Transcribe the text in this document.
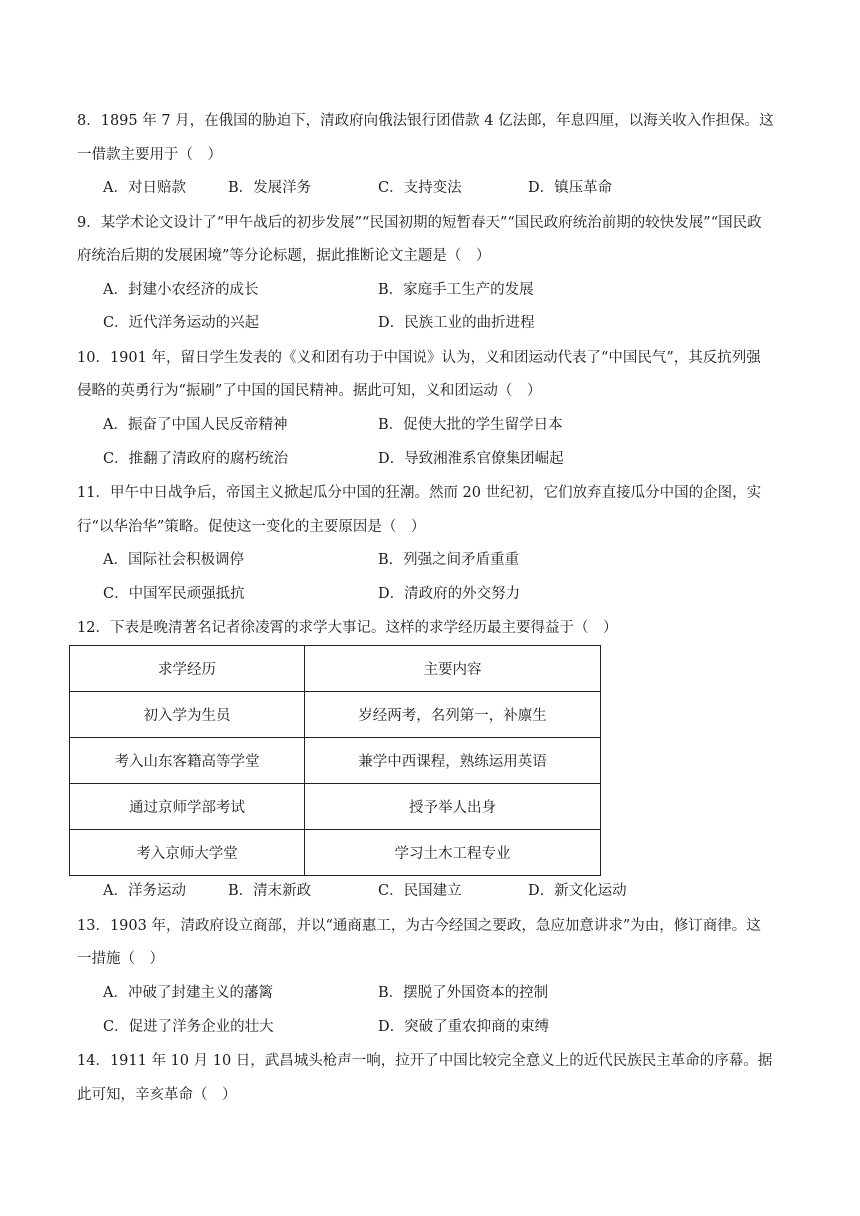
8．1895 年 7 月，在俄国的胁迫下，清政府向俄法银行团借款 4 亿法郎，年息四厘，以海关收入作担保。这
一借款主要用于（　）
A．对日赔款	B．发展洋务	C．支持变法	D．镇压革命
9．某学术论文设计了“甲午战后的初步发展”“民国初期的短暂春天”“国民政府统治前期的较快发展”“国民政
府统治后期的发展困境”等分论标题，据此推断论文主题是（　）
A．封建小农经济的成长	B．家庭手工生产的发展
C．近代洋务运动的兴起	D．民族工业的曲折进程
10．1901 年，留日学生发表的《义和团有功于中国说》认为，义和团运动代表了“中国民气”，其反抗列强
侵略的英勇行为“振刷”了中国的国民精神。据此可知，义和团运动（　）
A．振奋了中国人民反帝精神	B．促使大批的学生留学日本
C．推翻了清政府的腐朽统治	D．导致湘淮系官僚集团崛起
11．甲午中日战争后，帝国主义掀起瓜分中国的狂潮。然而 20 世纪初，它们放弃直接瓜分中国的企图，实
行“以华治华”策略。促使这一变化的主要原因是（　）
A．国际社会积极调停	B．列强之间矛盾重重
C．中国军民顽强抵抗	D．清政府的外交努力
12．下表是晚清著名记者徐凌霄的求学大事记。这样的求学经历最主要得益于（　）
求学经历	主要内容
初入学为生员	岁经两考，名列第一，补廪生
考入山东客籍高等学堂	兼学中西课程，熟练运用英语
通过京师学部考试	授予举人出身
考入京师大学堂	学习土木工程专业
A．洋务运动	B．清末新政	C．民国建立	D．新文化运动
13．1903 年，清政府设立商部，并以“通商惠工，为古今经国之要政，急应加意讲求”为由，修订商律。这
一措施（　）
A．冲破了封建主义的藩篱	B．摆脱了外国资本的控制
C．促进了洋务企业的壮大	D．突破了重农抑商的束缚
14．1911 年 10 月 10 日，武昌城头枪声一响，拉开了中国比较完全意义上的近代民族民主革命的序幕。据
此可知，辛亥革命（　）
